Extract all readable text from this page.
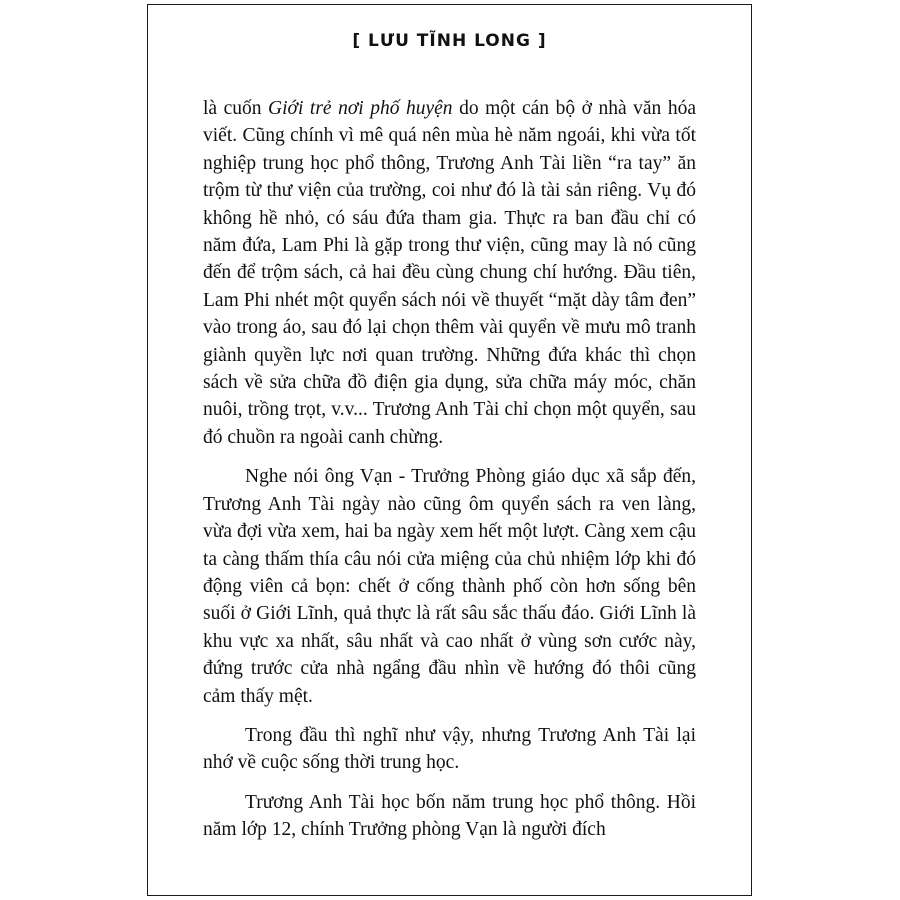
[ LƯU TĨNH LONG ]

là cuốn Giới trẻ nơi phố huyện do một cán bộ ở nhà văn hóa viết. Cũng chính vì mê quá nên mùa hè năm ngoái, khi vừa tốt nghiệp trung học phổ thông, Trương Anh Tài liền “ra tay” ăn trộm từ thư viện của trường, coi như đó là tài sản riêng. Vụ đó không hề nhỏ, có sáu đứa tham gia. Thực ra ban đầu chỉ có năm đứa, Lam Phi là gặp trong thư viện, cũng may là nó cũng đến để trộm sách, cả hai đều cùng chung chí hướng. Đầu tiên, Lam Phi nhét một quyển sách nói về thuyết “mặt dày tâm đen” vào trong áo, sau đó lại chọn thêm vài quyển về mưu mô tranh giành quyền lực nơi quan trường. Những đứa khác thì chọn sách về sửa chữa đồ điện gia dụng, sửa chữa máy móc, chăn nuôi, trồng trọt, v.v... Trương Anh Tài chỉ chọn một quyển, sau đó chuồn ra ngoài canh chừng.

Nghe nói ông Vạn - Trưởng Phòng giáo dục xã sắp đến, Trương Anh Tài ngày nào cũng ôm quyển sách ra ven làng, vừa đợi vừa xem, hai ba ngày xem hết một lượt. Càng xem cậu ta càng thấm thía câu nói cửa miệng của chủ nhiệm lớp khi đó động viên cả bọn: chết ở cống thành phố còn hơn sống bên suối ở Giới Lĩnh, quả thực là rất sâu sắc thấu đáo. Giới Lĩnh là khu vực xa nhất, sâu nhất và cao nhất ở vùng sơn cước này, đứng trước cửa nhà ngẩng đầu nhìn về hướng đó thôi cũng cảm thấy mệt.

Trong đầu thì nghĩ như vậy, nhưng Trương Anh Tài lại nhớ về cuộc sống thời trung học.

Trương Anh Tài học bốn năm trung học phổ thông. Hồi năm lớp 12, chính Trưởng phòng Vạn là người đích
